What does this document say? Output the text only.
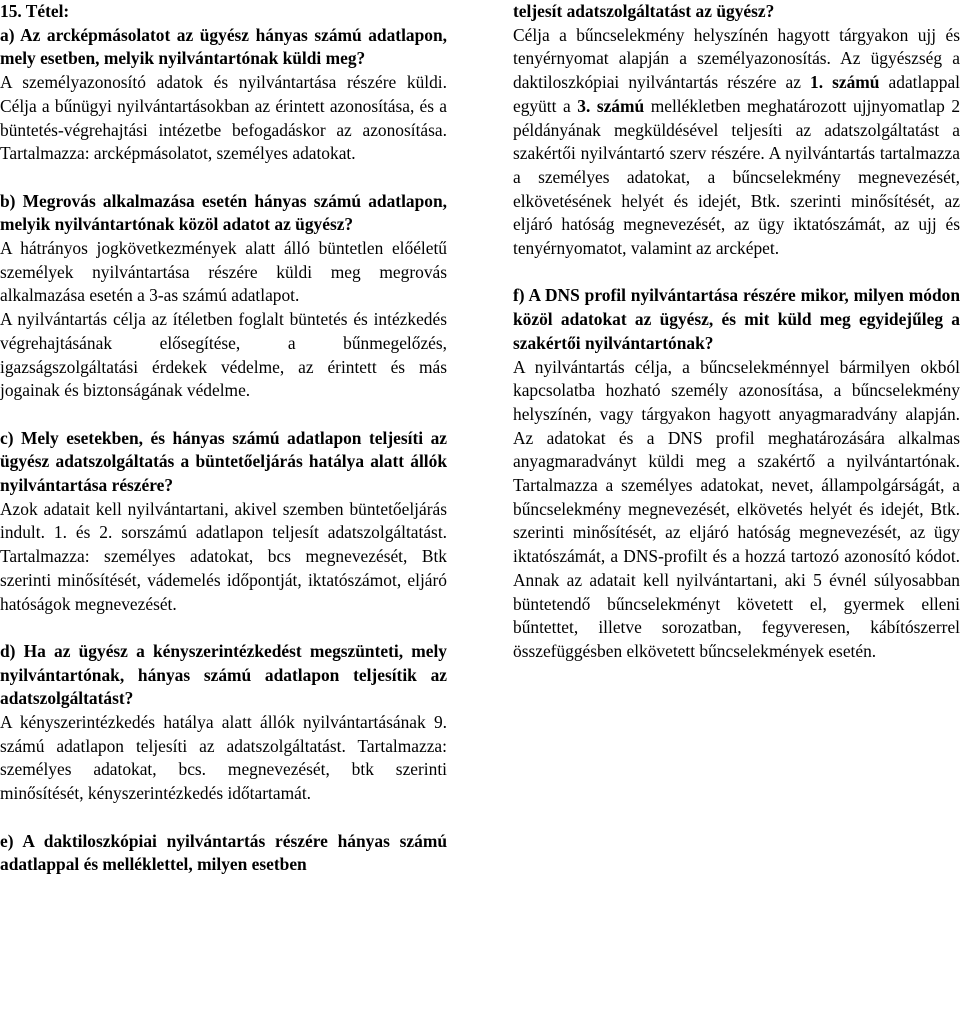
15. Tétel:

a) Az arcképmásolatot az ügyész hányas számú adatlapon, mely esetben, melyik nyilvántartónak küldi meg?

A személyazonosító adatok és nyilvántartása részére küldi. Célja a bűnügyi nyilvántartásokban az érintett azonosítása, és a büntetés-végrehajtási intézetbe befogadáskor az azonosítása. Tartalmazza: arcképmásolatot, személyes adatokat.

b) Megrovás alkalmazása esetén hányas számú adatlapon, melyik nyilvántartónak közöl adatot az ügyész?

A hátrányos jogkövetkezmények alatt álló büntetlen előéletű személyek nyilvántartása részére küldi meg megrovás alkalmazása esetén a 3-as számú adatlapot.

A nyilvántartás célja az ítéletben foglalt büntetés és intézkedés végrehajtásának elősegítése, a bűnmegelőzés, igazságszolgáltatási érdekek védelme, az érintett és más jogainak és biztonságának védelme.

c) Mely esetekben, és hányas számú adatlapon teljesíti az ügyész adatszolgáltatás a büntetőeljárás hatálya alatt állók nyilvántartása részére?

Azok adatait kell nyilvántartani, akivel szemben büntetőeljárás indult. 1. és 2. sorszámú adatlapon teljesít adatszolgáltatást. Tartalmazza: személyes adatokat, bcs megnevezését, Btk szerinti minősítését, vádemelés időpontját, iktatószámot, eljáró hatóságok megnevezését.

d) Ha az ügyész a kényszerintézkedést megszünteti, mely nyilvántartónak, hányas számú adatlapon teljesítik az adatszolgáltatást?

A kényszerintézkedés hatálya alatt állók nyilvántartásának 9. számú adatlapon teljesíti az adatszolgáltatást. Tartalmazza: személyes adatokat, bcs. megnevezését, btk szerinti minősítését, kényszerintézkedés időtartamát.

e) A daktiloszkópiai nyilvántartás részére hányas számú adatlappal és melléklettel, milyen esetben

teljesít adatszolgáltatást az ügyész?

Célja a bűncselekmény helyszínén hagyott tárgyakon ujj és tenyérnyomat alapján a személyazonosítás. Az ügyészség a daktiloszkópiai nyilvántartás részére az 1. számú adatlappal együtt a 3. számú mellékletben meghatározott ujjnyomatlap 2 példányának megküldésével teljesíti az adatszolgáltatást a szakértői nyilvántartó szerv részére. A nyilvántartás tartalmazza a személyes adatokat, a bűncselekmény megnevezését, elkövetésének helyét és idejét, Btk. szerinti minősítését, az eljáró hatóság megnevezését, az ügy iktatószámát, az ujj és tenyérnyomatot, valamint az arcképet.

f) A DNS profil nyilvántartása részére mikor, milyen módon közöl adatokat az ügyész, és mit küld meg egyidejűleg a szakértői nyilvántartónak?

A nyilvántartás célja, a bűncselekménnyel bármilyen okból kapcsolatba hozható személy azonosítása, a bűncselekmény helyszínén, vagy tárgyakon hagyott anyagmaradvány alapján. Az adatokat és a DNS profil meghatározására alkalmas anyagmaradványt küldi meg a szakértő a nyilvántartónak. Tartalmazza a személyes adatokat, nevet, állampolgárságát, a bűncselekmény megnevezését, elkövetés helyét és idejét, Btk. szerinti minősítését, az eljáró hatóság megnevezését, az ügy iktatószámát, a DNS-profilt és a hozzá tartozó azonosító kódot. Annak az adatait kell nyilvántartani, aki 5 évnél súlyosabban büntetendő bűncselekményt követett el, gyermek elleni bűntettet, illetve sorozatban, fegyveresen, kábítószerrel összefüggésben elkövetett bűncselekmények esetén.
